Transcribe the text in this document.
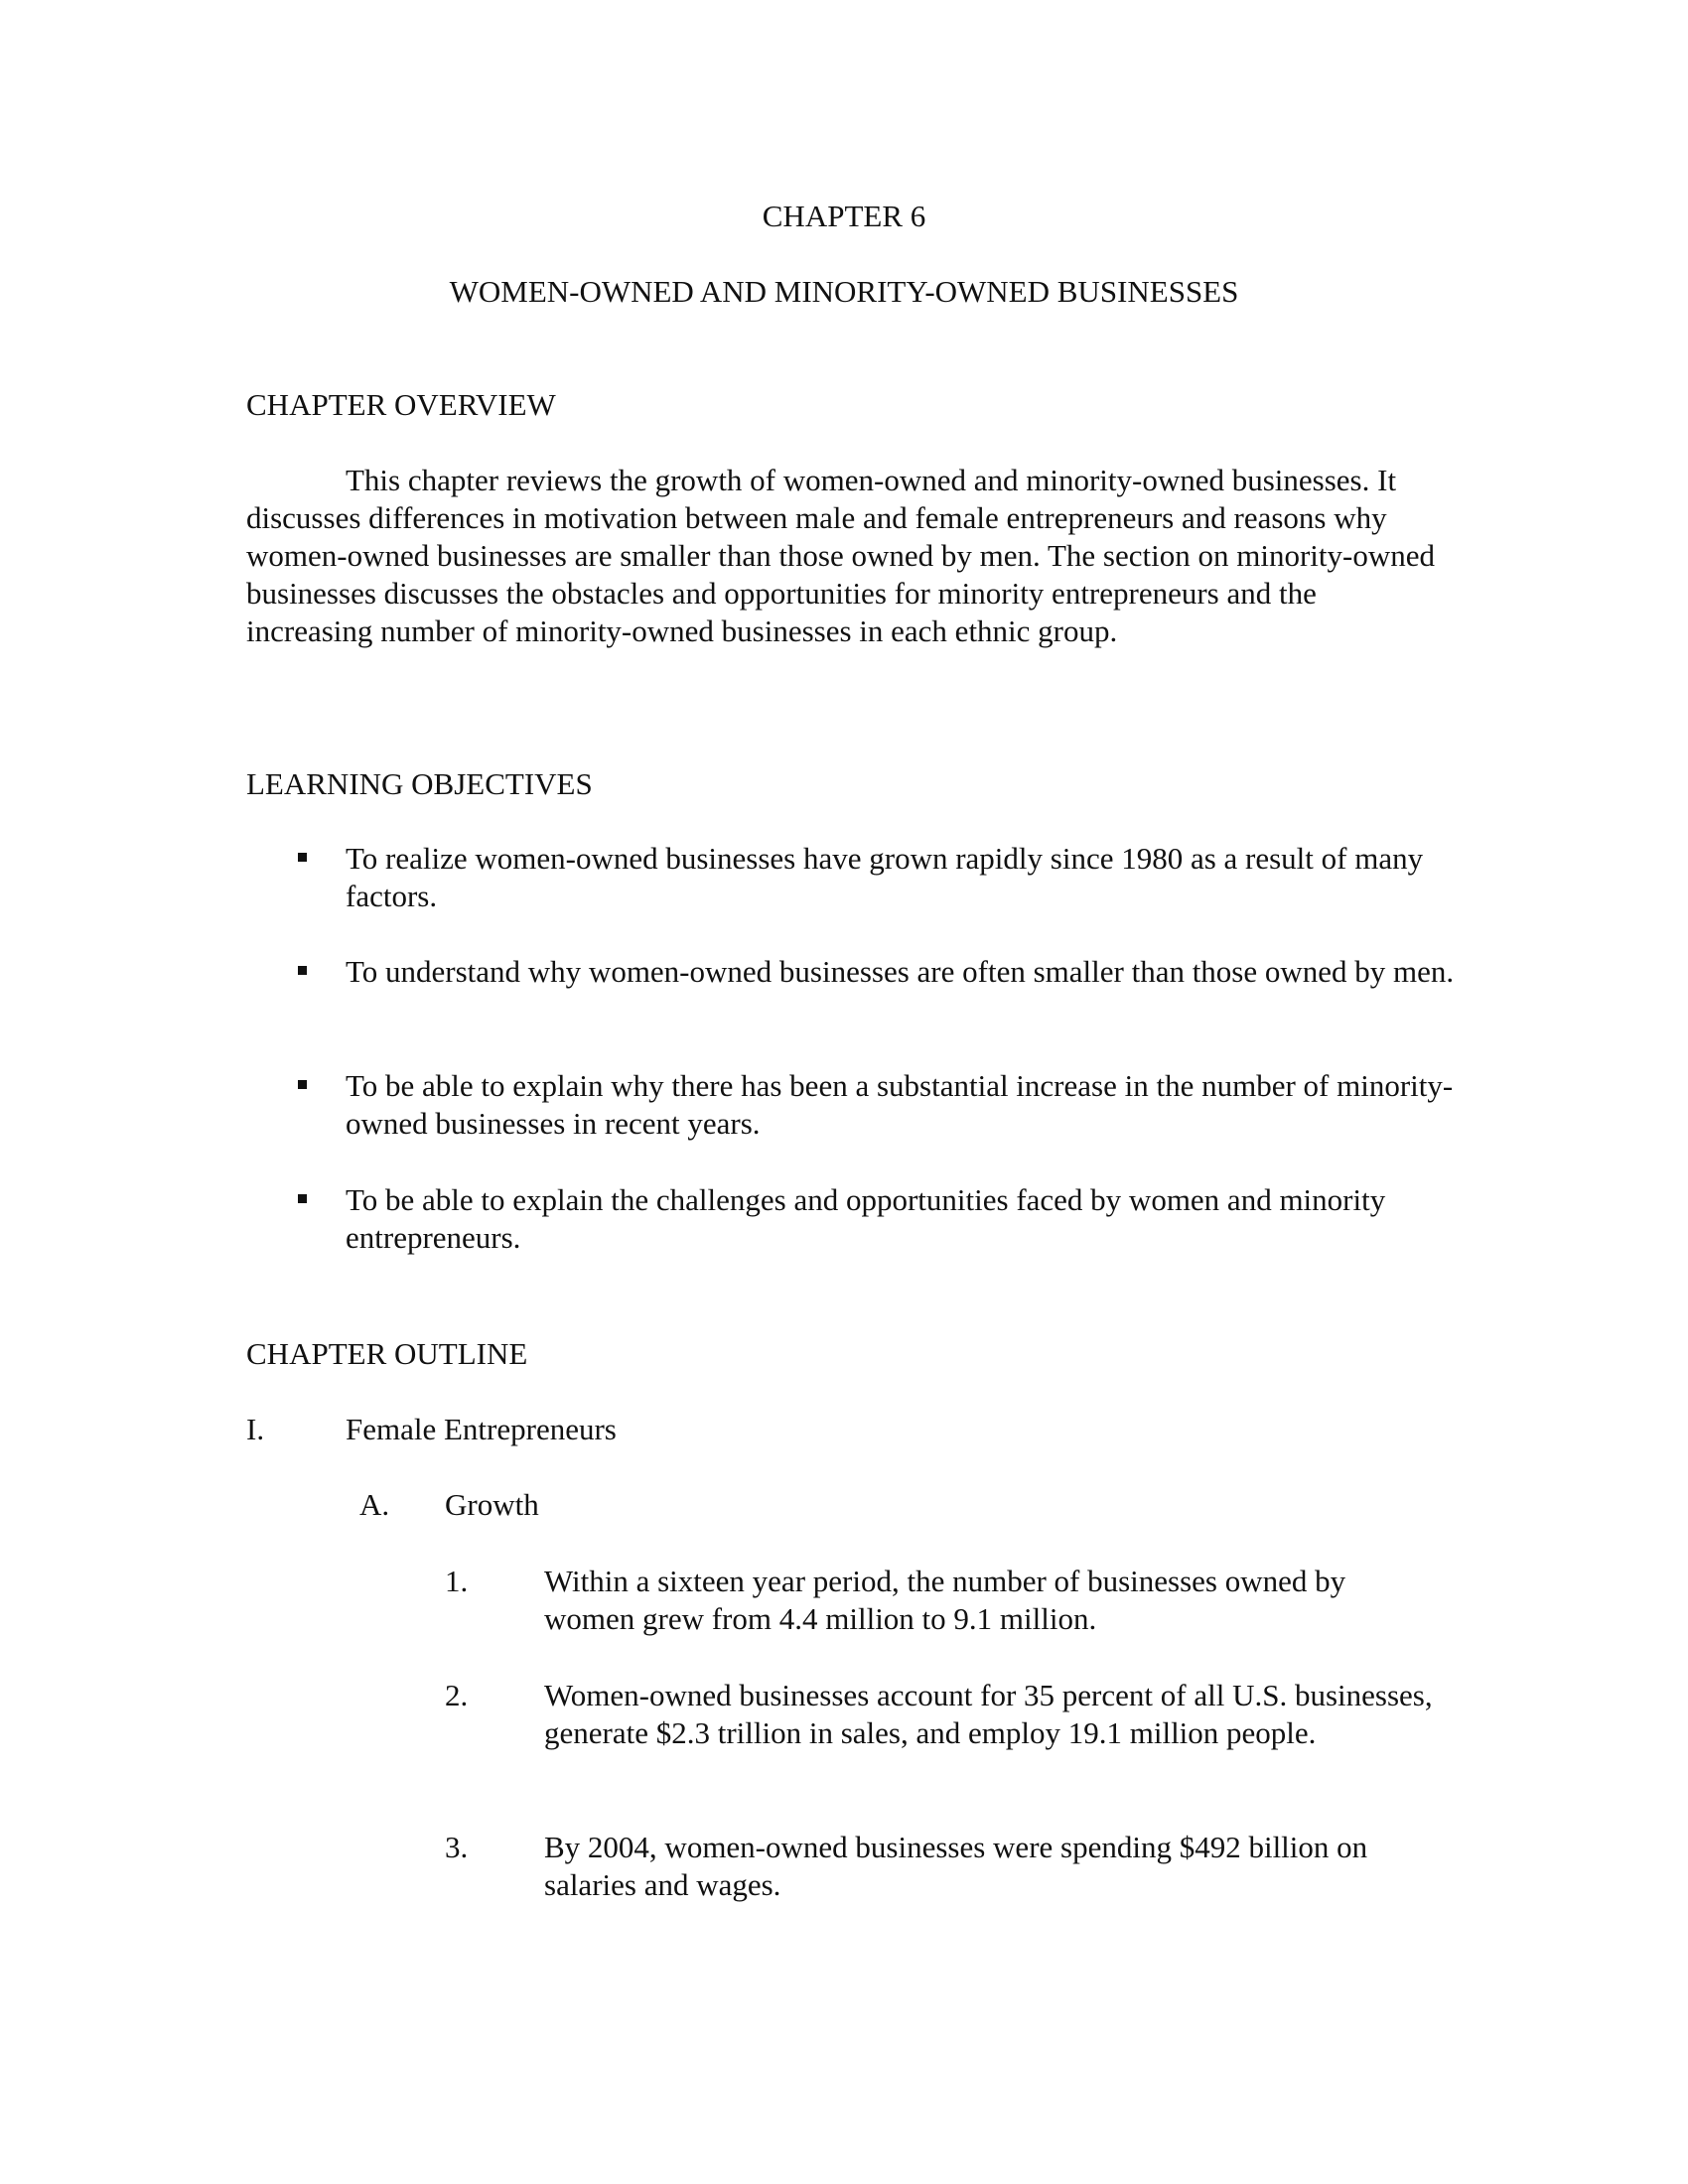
CHAPTER 6

WOMEN-OWNED AND MINORITY-OWNED BUSINESSES

CHAPTER OVERVIEW

This chapter reviews the growth of women-owned and minority-owned businesses. It discusses differences in motivation between male and female entrepreneurs and reasons why women-owned businesses are smaller than those owned by men. The section on minority-owned businesses discusses the obstacles and opportunities for minority entrepreneurs and the increasing number of minority-owned businesses in each ethnic group.

LEARNING OBJECTIVES

To realize women-owned businesses have grown rapidly since 1980 as a result of many factors.

To understand why women-owned businesses are often smaller than those owned by men.

To be able to explain why there has been a substantial increase in the number of minority-owned businesses in recent years.

To be able to explain the challenges and opportunities faced by women and minority entrepreneurs.

CHAPTER OUTLINE

I.	Female Entrepreneurs

A. Growth

1. Within a sixteen year period, the number of businesses owned by women grew from 4.4 million to 9.1 million.

2. Women-owned businesses account for 35 percent of all U.S. businesses, generate $2.3 trillion in sales, and employ 19.1 million people.

3. By 2004, women-owned businesses were spending $492 billion on salaries and wages.
